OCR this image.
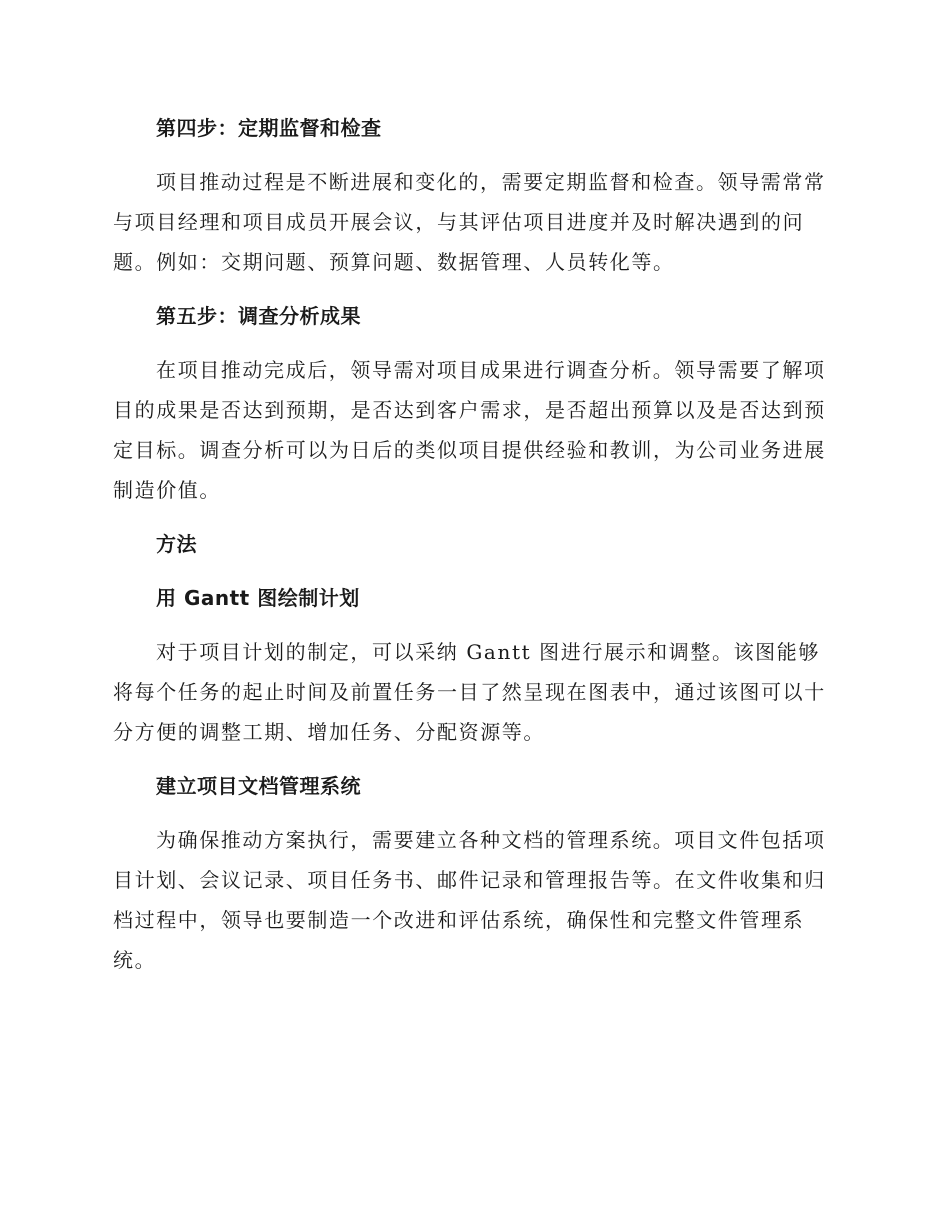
第四步：定期监督和检查

项目推动过程是不断进展和变化的，需要定期监督和检查。领导需常常与项目经理和项目成员开展会议，与其评估项目进度并及时解决遇到的问题。例如：交期问题、预算问题、数据管理、人员转化等。

第五步：调查分析成果

在项目推动完成后，领导需对项目成果进行调查分析。领导需要了解项目的成果是否达到预期，是否达到客户需求，是否超出预算以及是否达到预定目标。调查分析可以为日后的类似项目提供经验和教训，为公司业务进展制造价值。

方法
用 Gantt 图绘制计划

对于项目计划的制定，可以采纳 Gantt 图进行展示和调整。该图能够将每个任务的起止时间及前置任务一目了然呈现在图表中，通过该图可以十分方便的调整工期、增加任务、分配资源等。

建立项目文档管理系统

为确保推动方案执行，需要建立各种文档的管理系统。项目文件包括项目计划、会议记录、项目任务书、邮件记录和管理报告等。在文件收集和归档过程中，领导也要制造一个改进和评估系统，确保性和完整文件管理系统。
